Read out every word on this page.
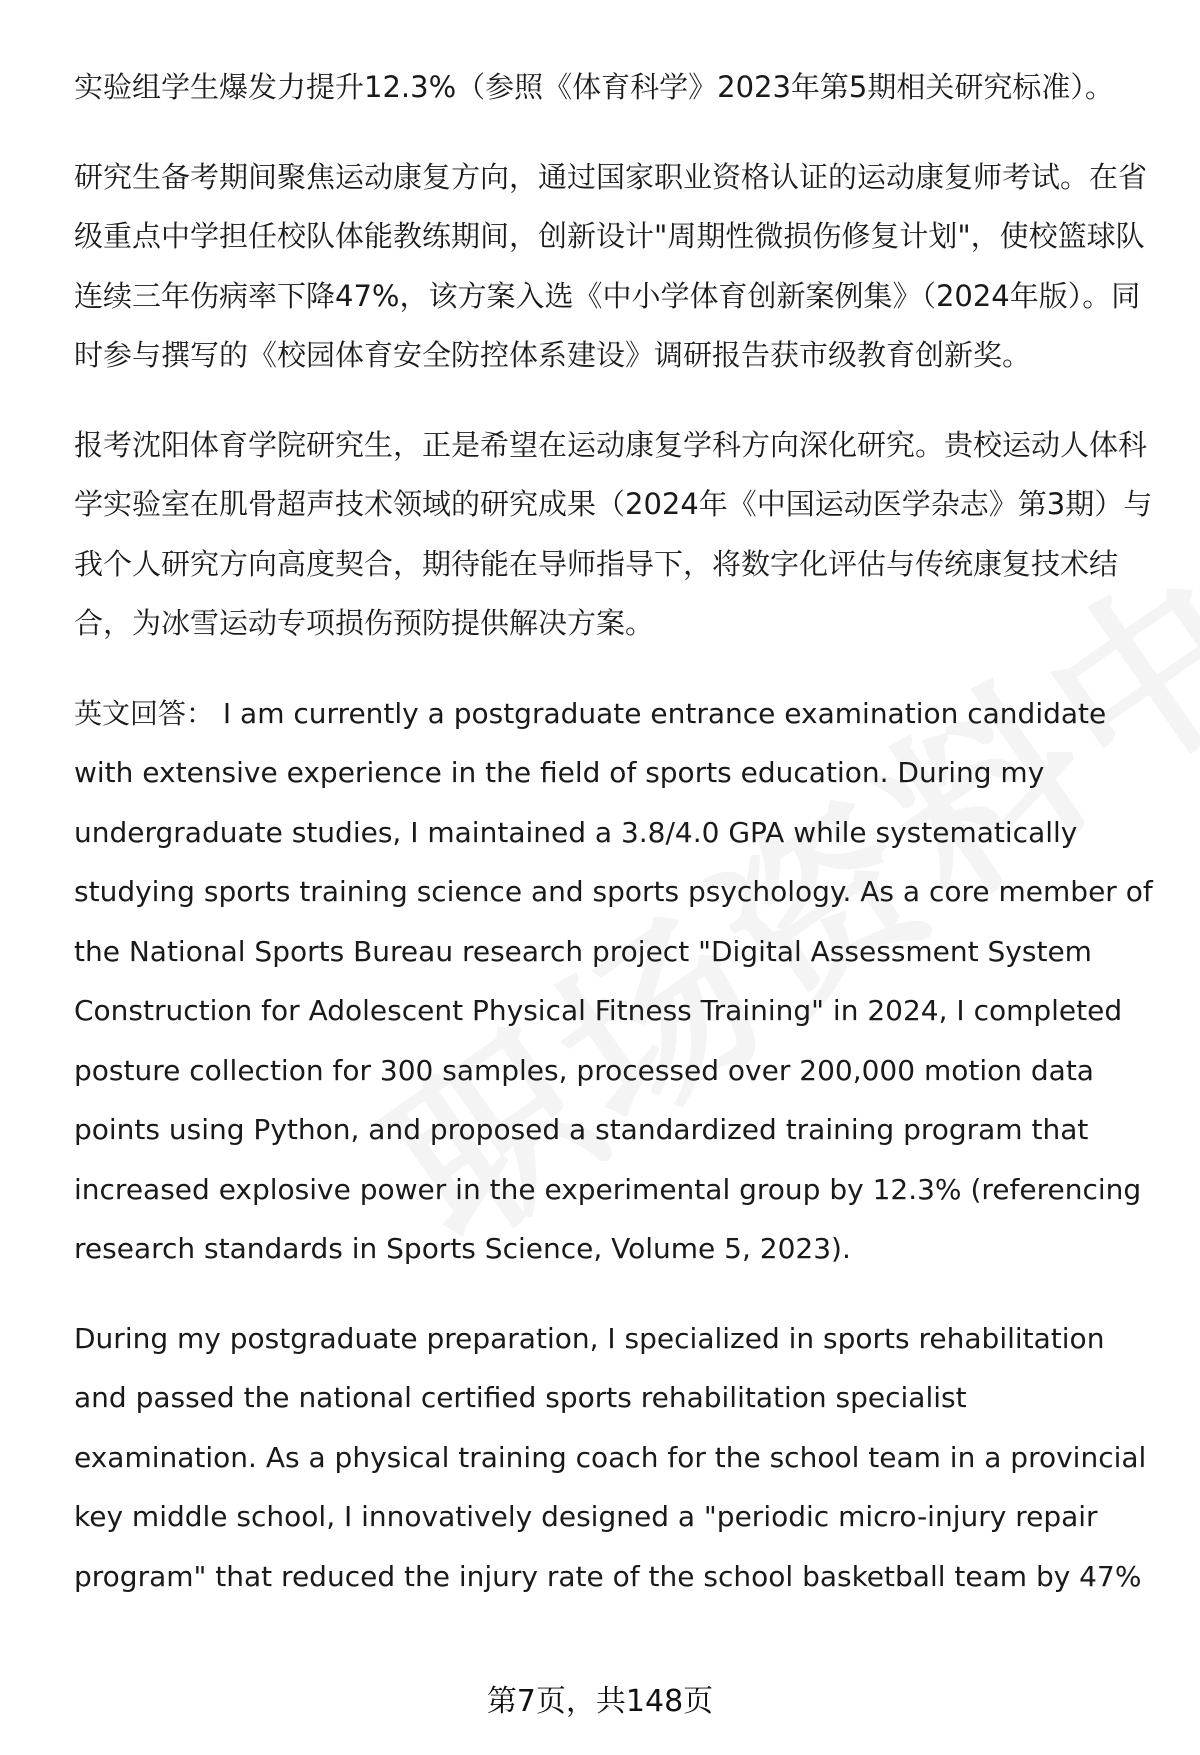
实验组学生爆发力提升12.3%（参照《体育科学》2023年第5期相关研究标准）。

研究生备考期间聚焦运动康复方向，通过国家职业资格认证的运动康复师考试。在省级重点中学担任校队体能教练期间，创新设计"周期性微损伤修复计划"，使校篮球队连续三年伤病率下降47%，该方案入选《中小学体育创新案例集》（2024年版）。同时参与撰写的《校园体育安全防控体系建设》调研报告获市级教育创新奖。

报考沈阳体育学院研究生，正是希望在运动康复学科方向深化研究。贵校运动人体科学实验室在肌骨超声技术领域的研究成果（2024年《中国运动医学杂志》第3期）与我个人研究方向高度契合，期待能在导师指导下，将数字化评估与传统康复技术结合，为冰雪运动专项损伤预防提供解决方案。

英文回答： I am currently a postgraduate entrance examination candidate with extensive experience in the field of sports education. During my undergraduate studies, I maintained a 3.8/4.0 GPA while systematically studying sports training science and sports psychology. As a core member of the National Sports Bureau research project "Digital Assessment System Construction for Adolescent Physical Fitness Training" in 2024, I completed posture collection for 300 samples, processed over 200,000 motion data points using Python, and proposed a standardized training program that increased explosive power in the experimental group by 12.3% (referencing research standards in Sports Science, Volume 5, 2023).

During my postgraduate preparation, I specialized in sports rehabilitation and passed the national certified sports rehabilitation specialist examination. As a physical training coach for the school team in a provincial key middle school, I innovatively designed a "periodic micro-injury repair program" that reduced the injury rate of the school basketball team by 47%

第7页，共148页
